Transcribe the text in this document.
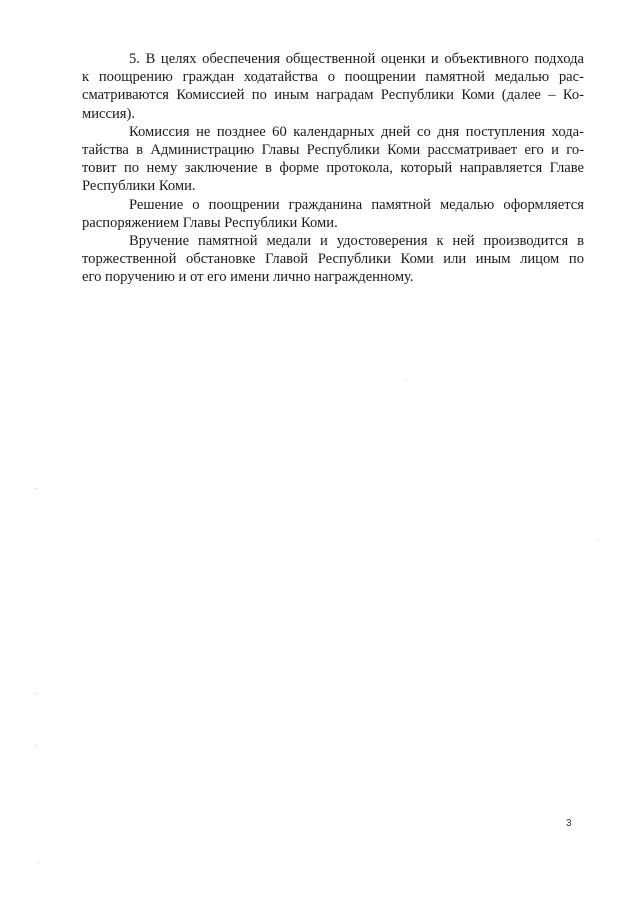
5. В целях обеспечения общественной оценки и объективного подхода
к поощрению граждан ходатайства о поощрении памятной медалью рас-
сматриваются Комиссией по иным наградам Республики Коми (далее – Ко-
миссия).
Комиссия не позднее 60 календарных дней со дня поступления хода-
тайства в Администрацию Главы Республики Коми рассматривает его и го-
товит по нему заключение в форме протокола, который направляется Главе
Республики Коми.
Решение о поощрении гражданина памятной медалью оформляется
распоряжением Главы Республики Коми.
Вручение памятной медали и удостоверения к ней производится в
торжественной обстановке Главой Республики Коми или иным лицом по
его поручению и от его имени лично награжденному.
3
